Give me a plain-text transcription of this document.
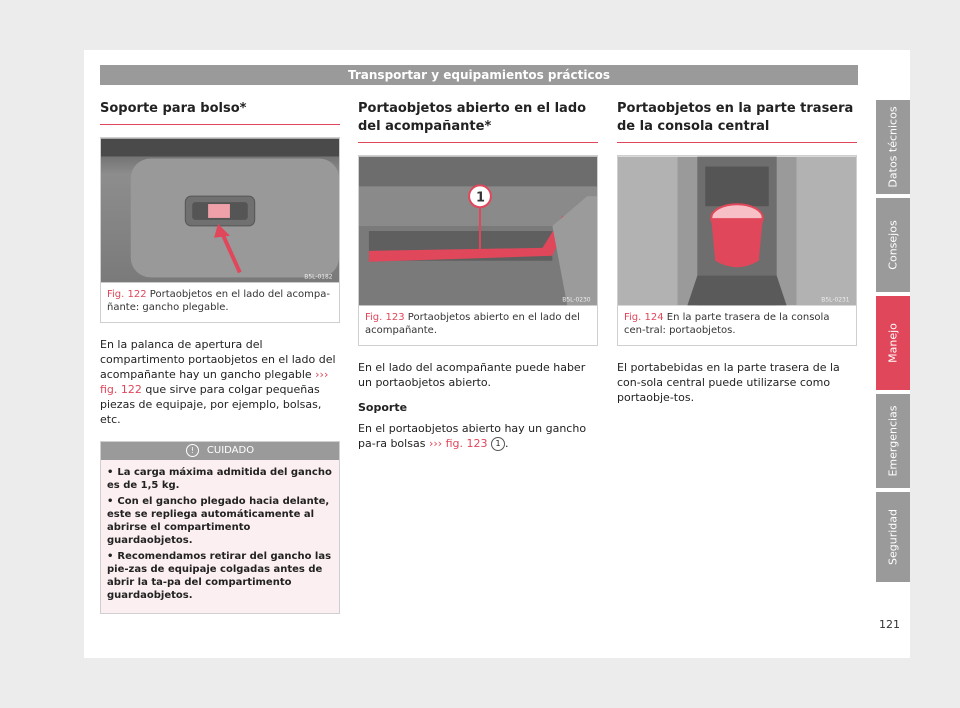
Transportar y equipamientos prácticos
Soporte para bolso*
B5L-0182
Fig. 122 Portaobjetos en el lado del acompa-ñante: gancho plegable.

En la palanca de apertura del compartimento portaobjetos en el lado del acompañante hay un gancho plegable ››› fig. 122 que sirve para colgar pequeñas piezas de equipaje, por ejemplo, bolsas, etc.

! CUIDADO
• La carga máxima admitida del gancho es de 1,5 kg.
• Con el gancho plegado hacia delante, este se repliega automáticamente al abrirse el compartimento guardaobjetos.
• Recomendamos retirar del gancho las pie-zas de equipaje colgadas antes de abrir la ta-pa del compartimento guardaobjetos.
Portaobjetos abierto en el lado del acompañante*
1
B5L-0230
Fig. 123 Portaobjetos abierto en el lado del acompañante.

En el lado del acompañante puede haber un portaobjetos abierto.

Soporte

En el portaobjetos abierto hay un gancho pa-ra bolsas ››› fig. 123 1 .

Portaobjetos en la parte trasera de la consola central
B5L-0231
Fig. 124 En la parte trasera de la consola cen-tral: portaobjetos.

El portabebidas en la parte trasera de la con-sola central puede utilizarse como portaobje-tos.

Datos técnicos
Consejos
Manejo
Emergencias
Seguridad
121
